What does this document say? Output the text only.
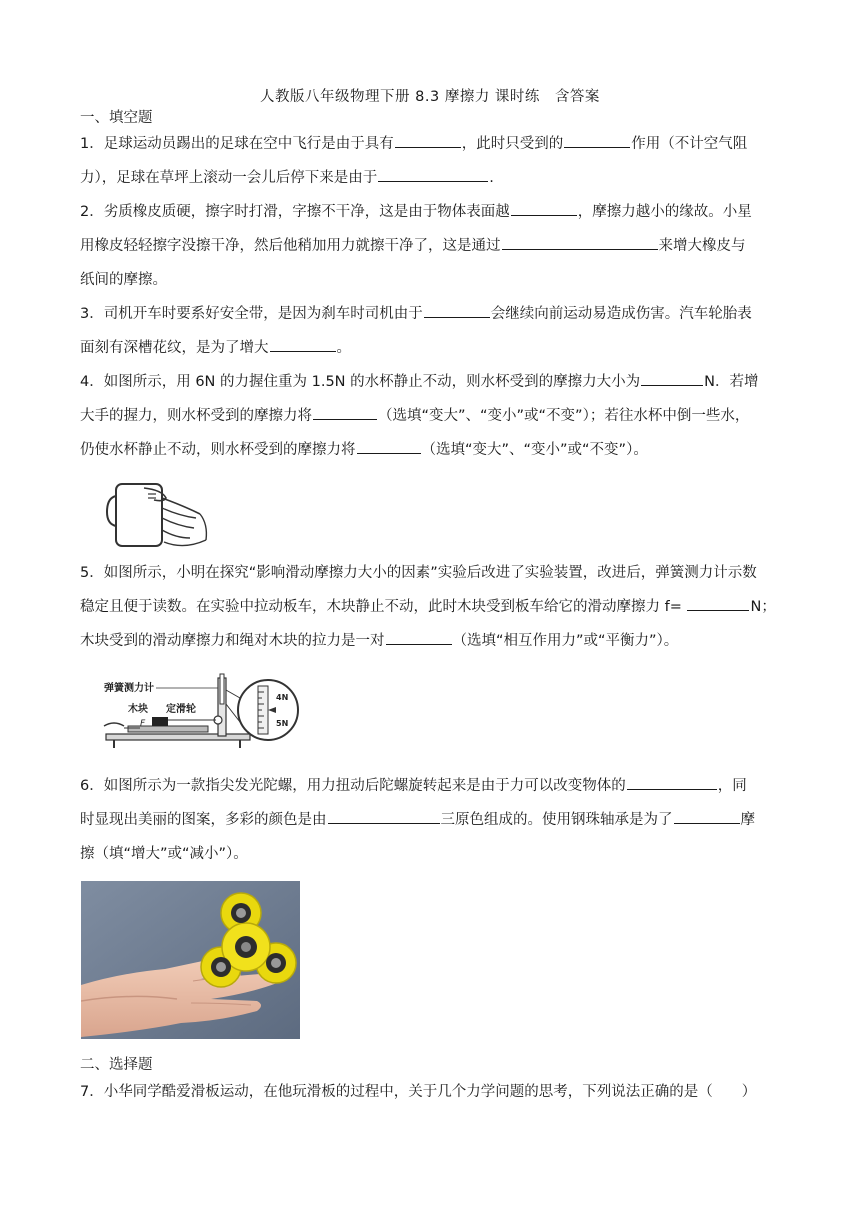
人教版八年级物理下册 8.3 摩擦力 课时练　含答案
一、填空题
1．足球运动员踢出的足球在空中飞行是由于具有	，此时只受到的	作用（不计空气阻
力），足球在草坪上滚动一会儿后停下来是由于	.
2．劣质橡皮质硬，擦字时打滑，字擦不干净，这是由于物体表面越	，摩擦力越小的缘故。小星
用橡皮轻轻擦字没擦干净，然后他稍加用力就擦干净了，这是通过	来增大橡皮与
纸间的摩擦。
3．司机开车时要系好安全带，是因为刹车时司机由于	会继续向前运动易造成伤害。汽车轮胎表
面刻有深槽花纹，是为了增大	。
4．如图所示，用 6N 的力握住重为 1.5N 的水杯静止不动，则水杯受到的摩擦力大小为	N．若增
大手的握力，则水杯受到的摩擦力将	（选填“变大”、“变小”或“不变”）；若往水杯中倒一些水，
仍使水杯静止不动，则水杯受到的摩擦力将	（选填“变大”、“变小”或“不变”）。
5．如图所示，小明在探究“影响滑动摩擦力大小的因素”实验后改进了实验装置，改进后，弹簧测力计示数
稳定且便于读数。在实验中拉动板车，木块静止不动，此时木块受到板车给它的滑动摩擦力 f=	N；
木块受到的滑动摩擦力和绳对木块的拉力是一对	（选填“相互作用力”或“平衡力”）。
弹簧测力计
木块 定滑轮
F
4N
5N
6．如图所示为一款指尖发光陀螺，用力扭动后陀螺旋转起来是由于力可以改变物体的	，同
时显现出美丽的图案，多彩的颜色是由	三原色组成的。使用钢珠轴承是为了	摩
擦（填“增大”或“减小”）。
二、选择题
7．小华同学酷爱滑板运动，在他玩滑板的过程中，关于几个力学问题的思考，下列说法正确的是（　　）
